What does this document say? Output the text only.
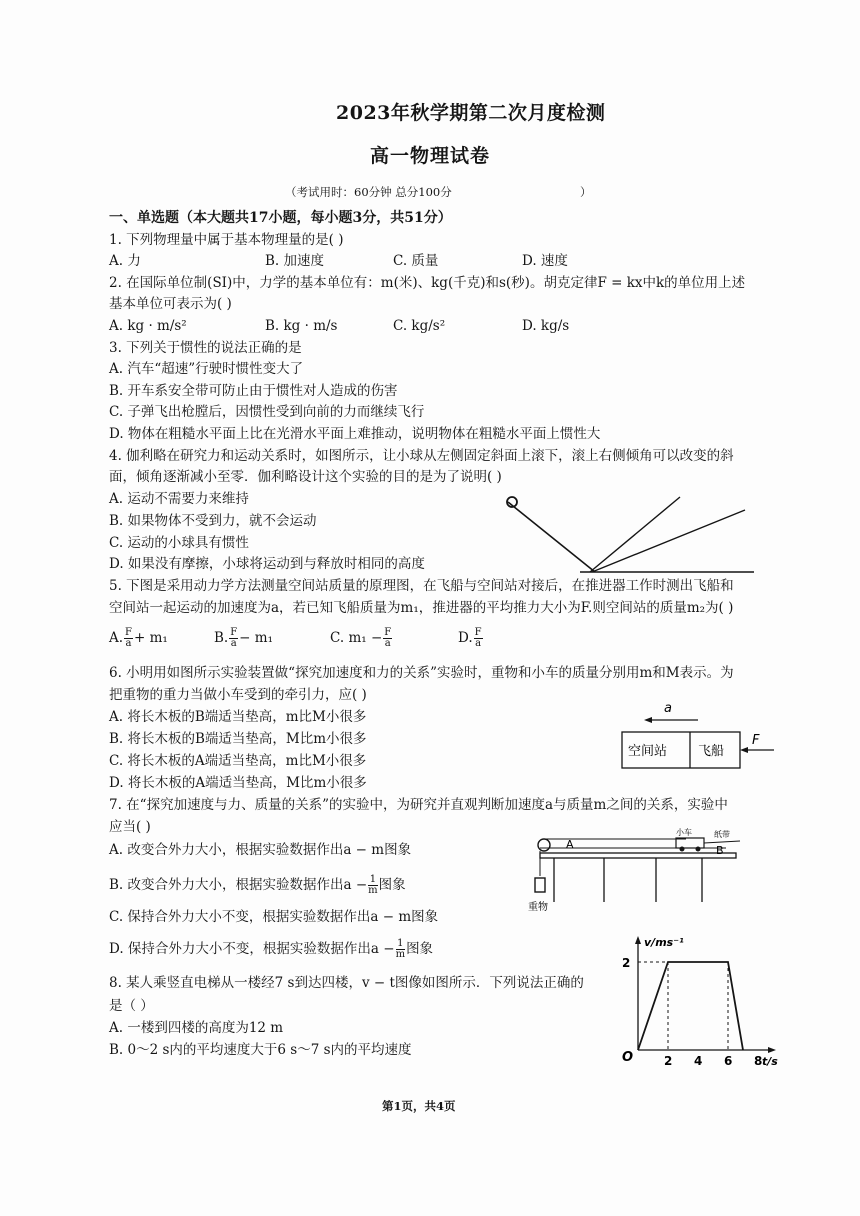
2023年秋学期第二次月度检测
高一物理试卷
（考试用时：60分钟 总分100分	）
一、单选题（本大题共17小题，每小题3分，共51分）
1. 下列物理量中属于基本物理量的是( )
A. 力	B. 加速度	C. 质量	D. 速度
2. 在国际单位制(SI)中，力学的基本单位有：m(米)、kg(千克)和s(秒)。胡克定律F = kx中k的单位用上述
基本单位可表示为( )
A. kg · m/s²	B. kg · m/s	C. kg/s²	D. kg/s
3. 下列关于惯性的说法正确的是
A. 汽车“超速”行驶时惯性变大了
B. 开车系安全带可防止由于惯性对人造成的伤害
C. 子弹飞出枪膛后，因惯性受到向前的力而继续飞行
D. 物体在粗糙水平面上比在光滑水平面上难推动，说明物体在粗糙水平面上惯性大
4. 伽利略在研究力和运动关系时，如图所示，让小球从左侧固定斜面上滚下，滚上右侧倾角可以改变的斜
面，倾角逐渐减小至零．伽利略设计这个实验的目的是为了说明( )
A. 运动不需要力来维持
B. 如果物体不受到力，就不会运动
C. 运动的小球具有惯性
D. 如果没有摩擦，小球将运动到与释放时相同的高度
5. 下图是采用动力学方法测量空间站质量的原理图，在飞船与空间站对接后，在推进器工作时测出飞船和
空间站一起运动的加速度为a，若已知飞船质量为m₁，推进器的平均推力大小为F.则空间站的质量m₂为( )
A. $\frac{F}{a} + m_1$	B. $\frac{F}{a} - m_1$	C. $m_1 - \frac{F}{a}$	D. $\frac{F}{a}$
6. 小明用如图所示实验装置做“探究加速度和力的关系”实验时，重物和小车的质量分别用m和M表示。为
把重物的重力当做小车受到的牵引力，应( )
A. 将长木板的B端适当垫高，m比M小很多
B. 将长木板的B端适当垫高，M比m小很多
C. 将长木板的A端适当垫高，m比M小很多
D. 将长木板的A端适当垫高，M比m小很多
a
空间站 飞船
F
7. 在“探究加速度与力、质量的关系”的实验中，为研究并直观判断加速度a与质量m之间的关系，实验中
应当( )
A. 改变合外力大小，根据实验数据作出a − m图象
B. 改变合外力大小，根据实验数据作出$a - \frac{1}{m}$ 图象
C. 保持合外力大小不变，根据实验数据作出a − m图象
D. 保持合外力大小不变，根据实验数据作出$a - \frac{1}{m}$ 图象
A	B
小车	纸带
重物
8. 某人乘竖直电梯从一楼经7 s到达四楼，v − t图像如图所示．下列说法正确的
是（ ）
A. 一楼到四楼的高度为12 m
B. 0～2 s内的平均速度大于6 s～7 s内的平均速度
v/ms⁻¹
t/s
O	2 4 6 8
2
第1页，共4页
